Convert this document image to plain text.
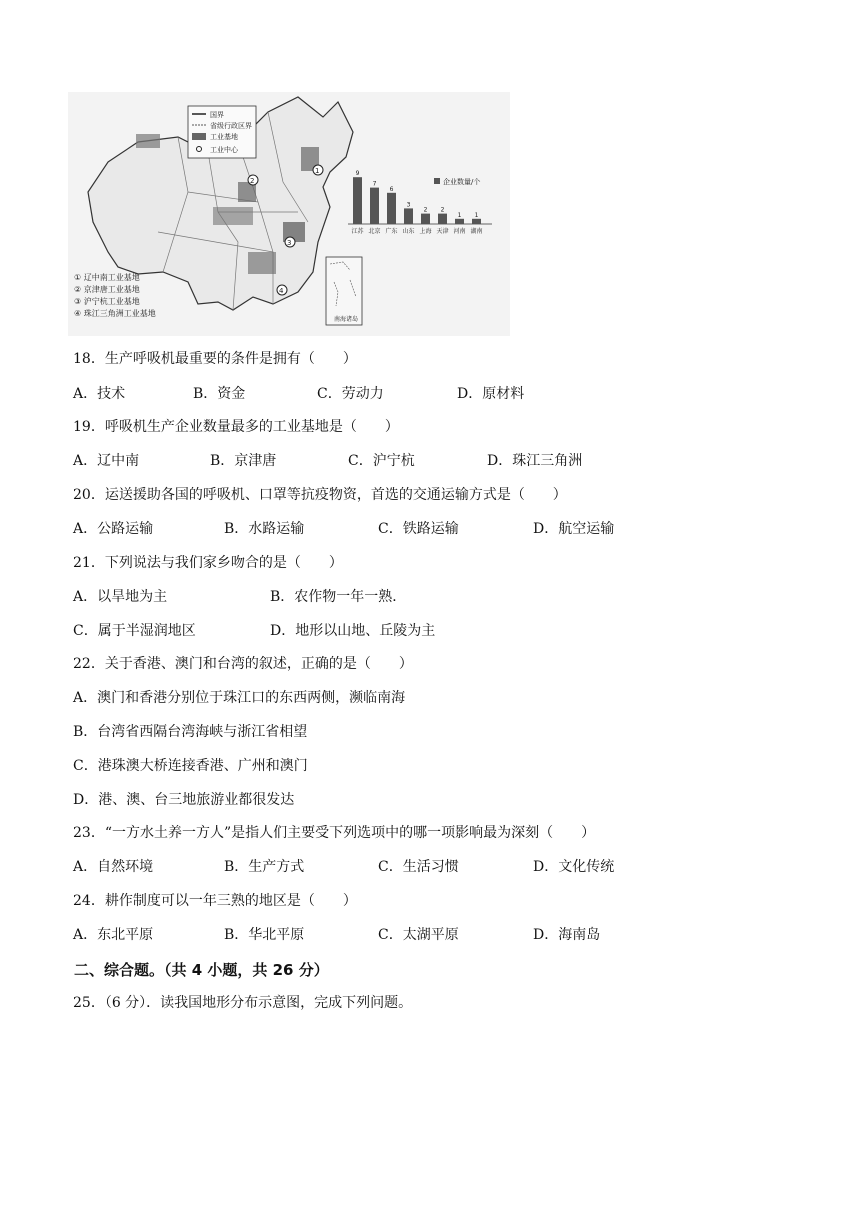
1
2
3
4
国界
省级行政区界
工业基地
工业中心
① 辽中南工业基地
② 京津唐工业基地
③ 沪宁杭工业基地
④ 珠江三角洲工业基地
南海诸岛
企业数量/个
9
江苏
7
北京
6
广东
3
山东
2
上海
2
天津
1
河南
1
湖南
18．生产呼吸机最重要的条件是拥有（　　）
A．技术	B．资金	C．劳动力	D．原材料
19．呼吸机生产企业数量最多的工业基地是（　　）
A．辽中南	B．京津唐	C．沪宁杭	D．珠江三角洲
20．运送援助各国的呼吸机、口罩等抗疫物资，首选的交通运输方式是（　　）
A．公路运输	B．水路运输	C．铁路运输	D．航空运输
21．下列说法与我们家乡吻合的是（　　）
A．以旱地为主	B．农作物一年一熟．
C．属于半湿润地区	D．地形以山地、丘陵为主
22．关于香港、澳门和台湾的叙述，正确的是（　　）
A．澳门和香港分别位于珠江口的东西两侧，濒临南海
B．台湾省西隔台湾海峡与浙江省相望
C．港珠澳大桥连接香港、广州和澳门
D．港、澳、台三地旅游业都很发达
23．“一方水土养一方人”是指人们主要受下列选项中的哪一项影响最为深刻（　　）
A．自然环境	B．生产方式	C．生活习惯	D．文化传统
24．耕作制度可以一年三熟的地区是（　　）
A．东北平原	B．华北平原	C．太湖平原	D．海南岛
二、综合题。（共 4 小题，共 26 分）
25．（6 分）．读我国地形分布示意图，完成下列问题。
